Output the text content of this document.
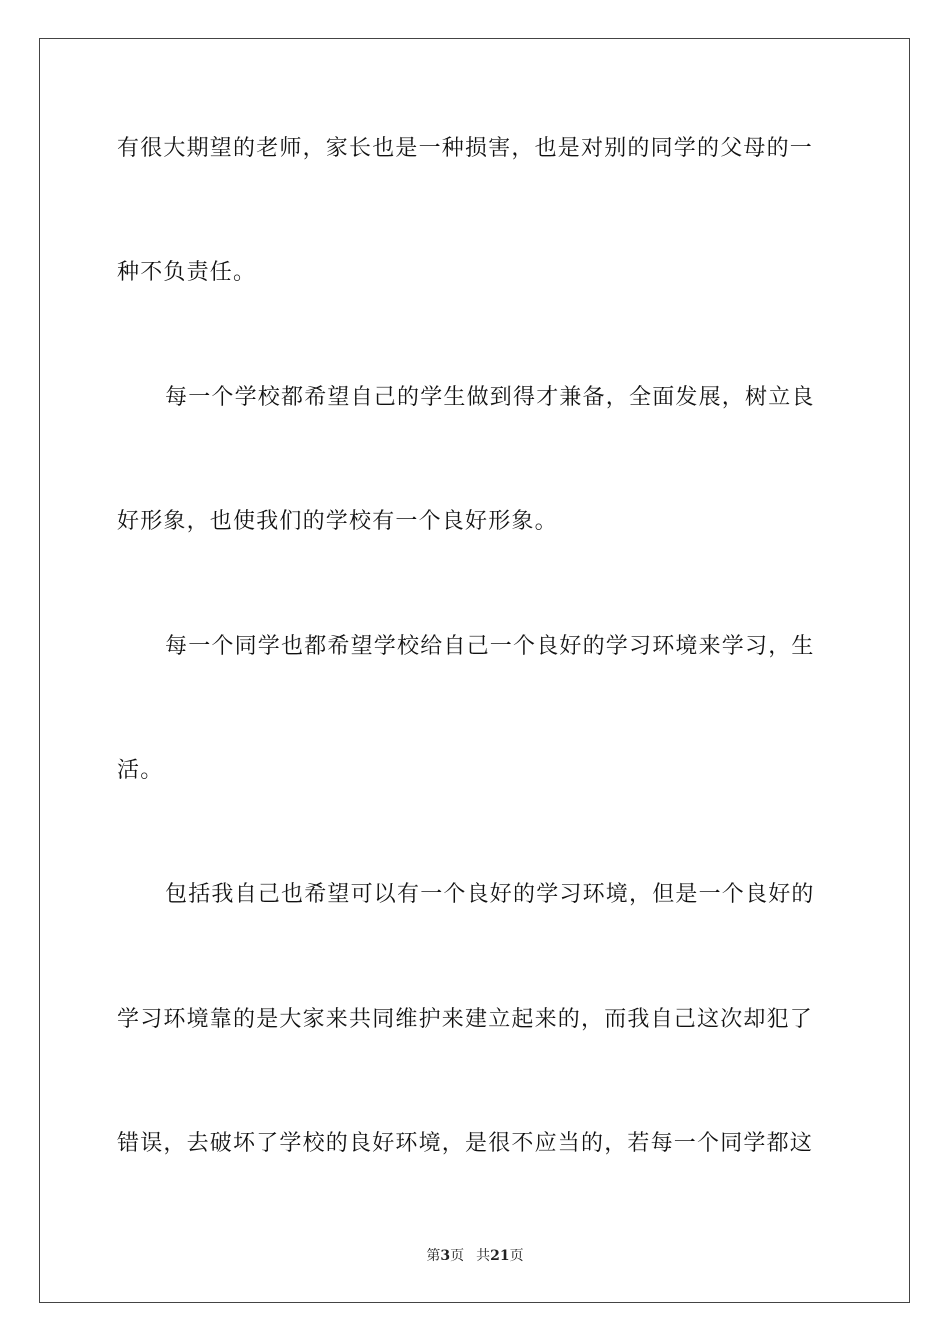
有很大期望的老师，家长也是一种损害，也是对别的同学的父母的一
种不负责任。
每一个学校都希望自己的学生做到得才兼备，全面发展，树立良
好形象，也使我们的学校有一个良好形象。
每一个同学也都希望学校给自己一个良好的学习环境来学习，生
活。
包括我自己也希望可以有一个良好的学习环境，但是一个良好的
学习环境靠的是大家来共同维护来建立起来的，而我自己这次却犯了
错误，去破坏了学校的良好环境，是很不应当的，若每一个同学都这
第3页 共21页
